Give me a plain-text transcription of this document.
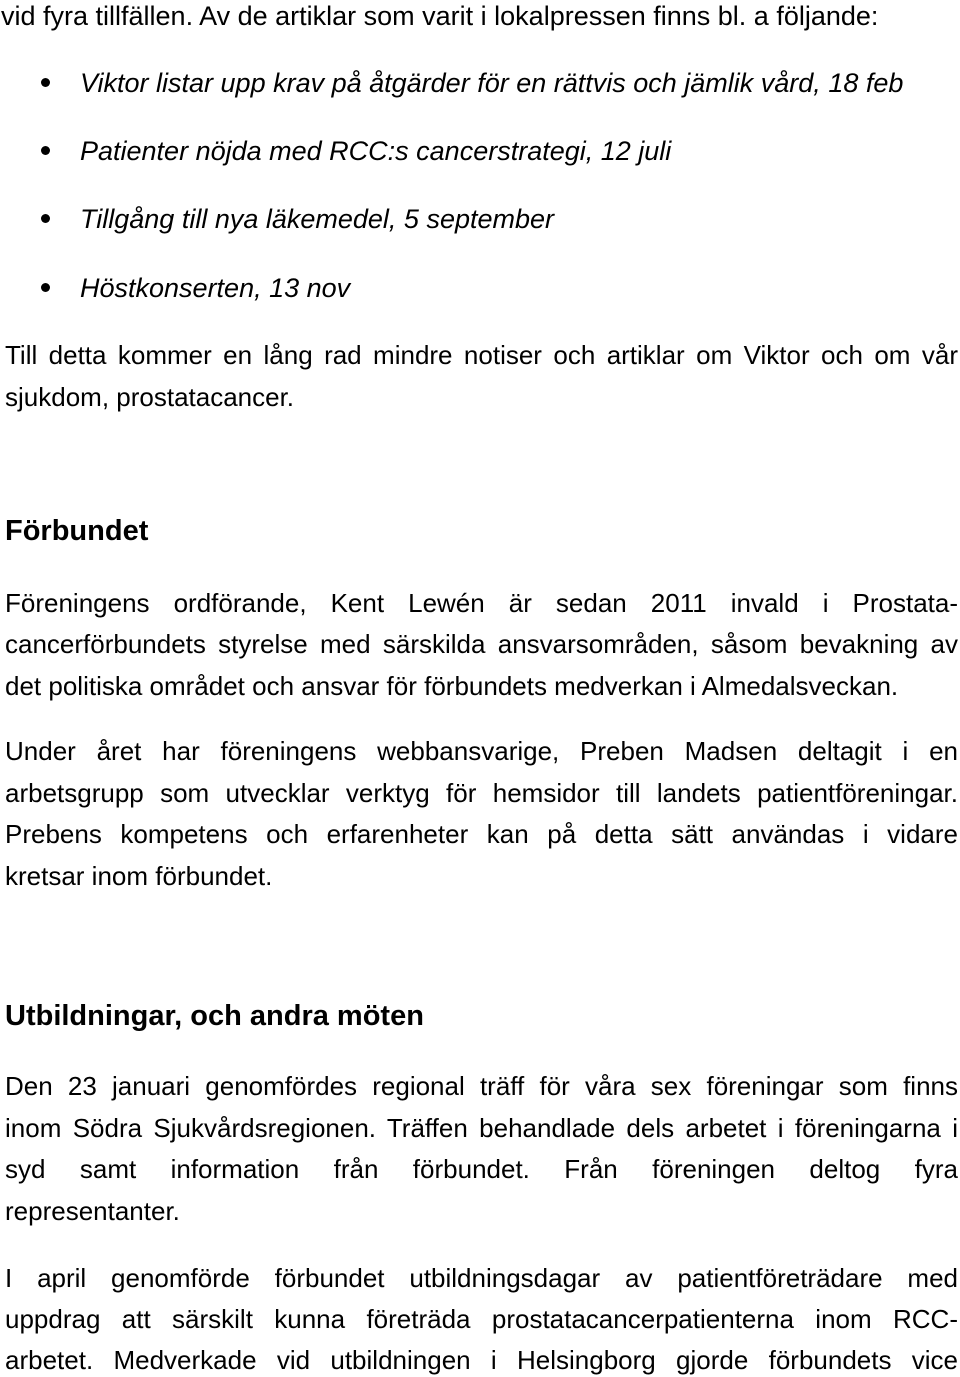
vid fyra tillfällen. Av de artiklar som varit i lokalpressen finns bl. a följande:
Viktor listar upp krav på åtgärder för en rättvis och jämlik vård, 18 feb
Patienter nöjda med RCC:s cancerstrategi, 12 juli
Tillgång till nya läkemedel, 5 september
Höstkonserten, 13 nov
Till detta kommer en lång rad mindre notiser och artiklar om Viktor och om vår
sjukdom, prostatacancer.
Förbundet
Föreningens ordförande, Kent Lewén är sedan 2011 invald i Prostata-
cancerförbundets styrelse med särskilda ansvarsområden, såsom bevakning av
det politiska området och ansvar för förbundets medverkan i Almedalsveckan.
Under året har föreningens webbansvarige, Preben Madsen deltagit i en
arbetsgrupp som utvecklar verktyg för hemsidor till landets patientföreningar.
Prebens kompetens och erfarenheter kan på detta sätt användas i vidare
kretsar inom förbundet.
Utbildningar, och andra möten
Den 23 januari genomfördes regional träff för våra sex föreningar som finns
inom Södra Sjukvårdsregionen. Träffen behandlade dels arbetet i föreningarna i
syd samt information från förbundet. Från föreningen deltog fyra
representanter.
I april genomförde förbundet utbildningsdagar av patientföreträdare med
uppdrag att särskilt kunna företräda prostatacancerpatienterna inom RCC-
arbetet. Medverkade vid utbildningen i Helsingborg gjorde förbundets vice
